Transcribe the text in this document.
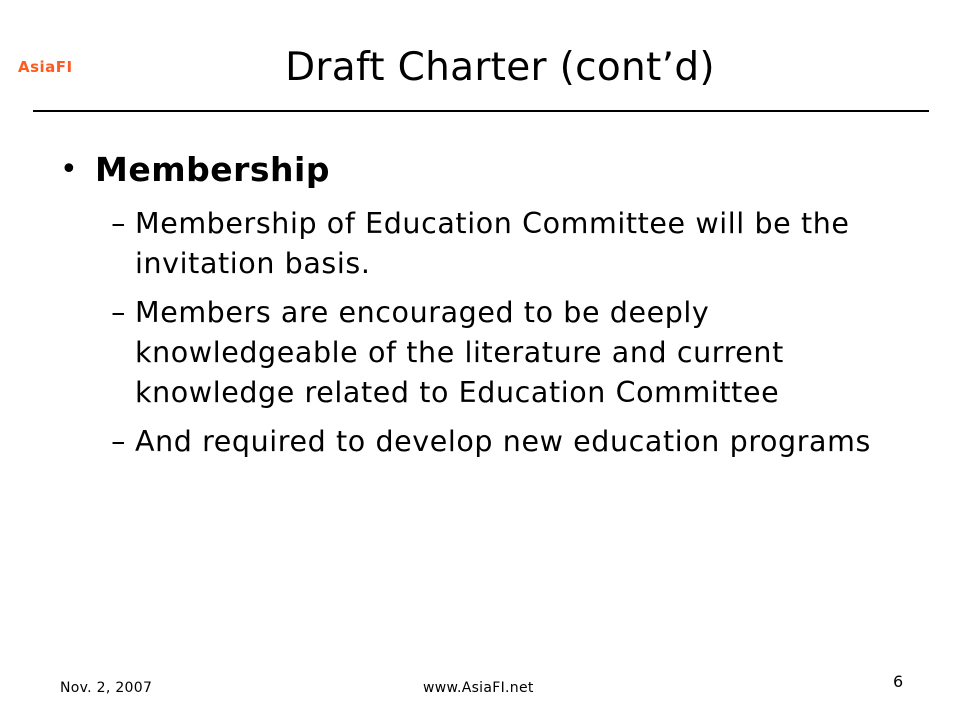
AsiaFI	Draft Charter (cont’d)
• Membership
– Membership of Education Committee will be the invitation basis.
– Members are encouraged to be deeply knowledgeable of the literature and current knowledge related to Education Committee
– And required to develop new education programs
Nov. 2, 2007	www.AsiaFI.net	6
